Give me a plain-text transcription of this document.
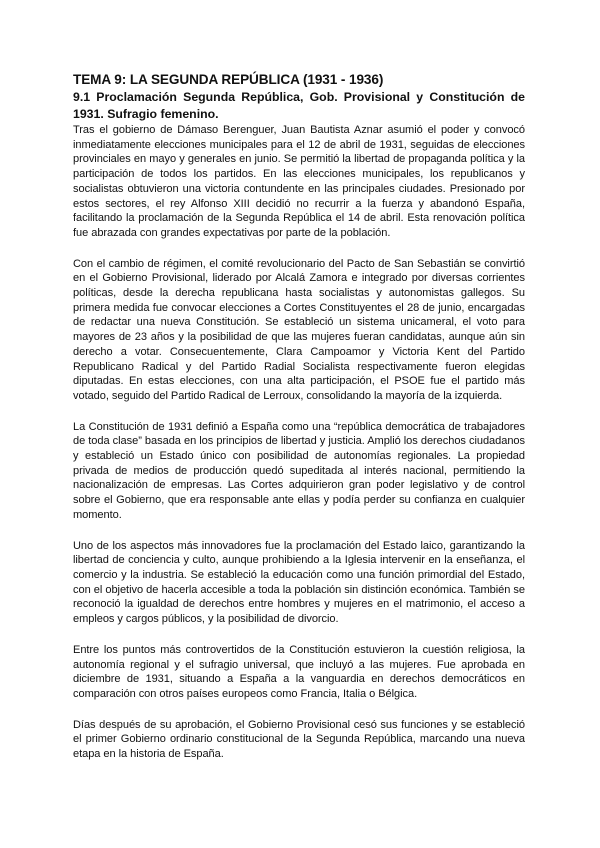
TEMA 9: LA SEGUNDA REPÚBLICA (1931 - 1936)
9.1 Proclamación Segunda República, Gob. Provisional y Constitución de 1931. Sufragio femenino.

Tras el gobierno de Dámaso Berenguer, Juan Bautista Aznar asumió el poder y convocó inmediatamente elecciones municipales para el 12 de abril de 1931, seguidas de elecciones provinciales en mayo y generales en junio. Se permitió la libertad de propaganda política y la participación de todos los partidos. En las elecciones municipales, los republicanos y socialistas obtuvieron una victoria contundente en las principales ciudades. Presionado por estos sectores, el rey Alfonso XIII decidió no recurrir a la fuerza y abandonó España, facilitando la proclamación de la Segunda República el 14 de abril. Esta renovación política fue abrazada con grandes expectativas por parte de la población.

Con el cambio de régimen, el comité revolucionario del Pacto de San Sebastián se convirtió en el Gobierno Provisional, liderado por Alcalá Zamora e integrado por diversas corrientes políticas, desde la derecha republicana hasta socialistas y autonomistas gallegos. Su primera medida fue convocar elecciones a Cortes Constituyentes el 28 de junio, encargadas de redactar una nueva Constitución. Se estableció un sistema unicameral, el voto para mayores de 23 años y la posibilidad de que las mujeres fueran candidatas, aunque aún sin derecho a votar. Consecuentemente, Clara Campoamor y Victoria Kent del Partido Republicano Radical y del Partido Radial Socialista respectivamente fueron elegidas diputadas. En estas elecciones, con una alta participación, el PSOE fue el partido más votado, seguido del Partido Radical de Lerroux, consolidando la mayoría de la izquierda.

La Constitución de 1931 definió a España como una “república democrática de trabajadores de toda clase” basada en los principios de libertad y justicia. Amplió los derechos ciudadanos y estableció un Estado único con posibilidad de autonomías regionales. La propiedad privada de medios de producción quedó supeditada al interés nacional, permitiendo la nacionalización de empresas. Las Cortes adquirieron gran poder legislativo y de control sobre el Gobierno, que era responsable ante ellas y podía perder su confianza en cualquier momento.

Uno de los aspectos más innovadores fue la proclamación del Estado laico, garantizando la libertad de conciencia y culto, aunque prohibiendo a la Iglesia intervenir en la enseñanza, el comercio y la industria. Se estableció la educación como una función primordial del Estado, con el objetivo de hacerla accesible a toda la población sin distinción económica. También se reconoció la igualdad de derechos entre hombres y mujeres en el matrimonio, el acceso a empleos y cargos públicos, y la posibilidad de divorcio.

Entre los puntos más controvertidos de la Constitución estuvieron la cuestión religiosa, la autonomía regional y el sufragio universal, que incluyó a las mujeres. Fue aprobada en diciembre de 1931, situando a España a la vanguardia en derechos democráticos en comparación con otros países europeos como Francia, Italia o Bélgica.

Días después de su aprobación, el Gobierno Provisional cesó sus funciones y se estableció el primer Gobierno ordinario constitucional de la Segunda República, marcando una nueva etapa en la historia de España.
